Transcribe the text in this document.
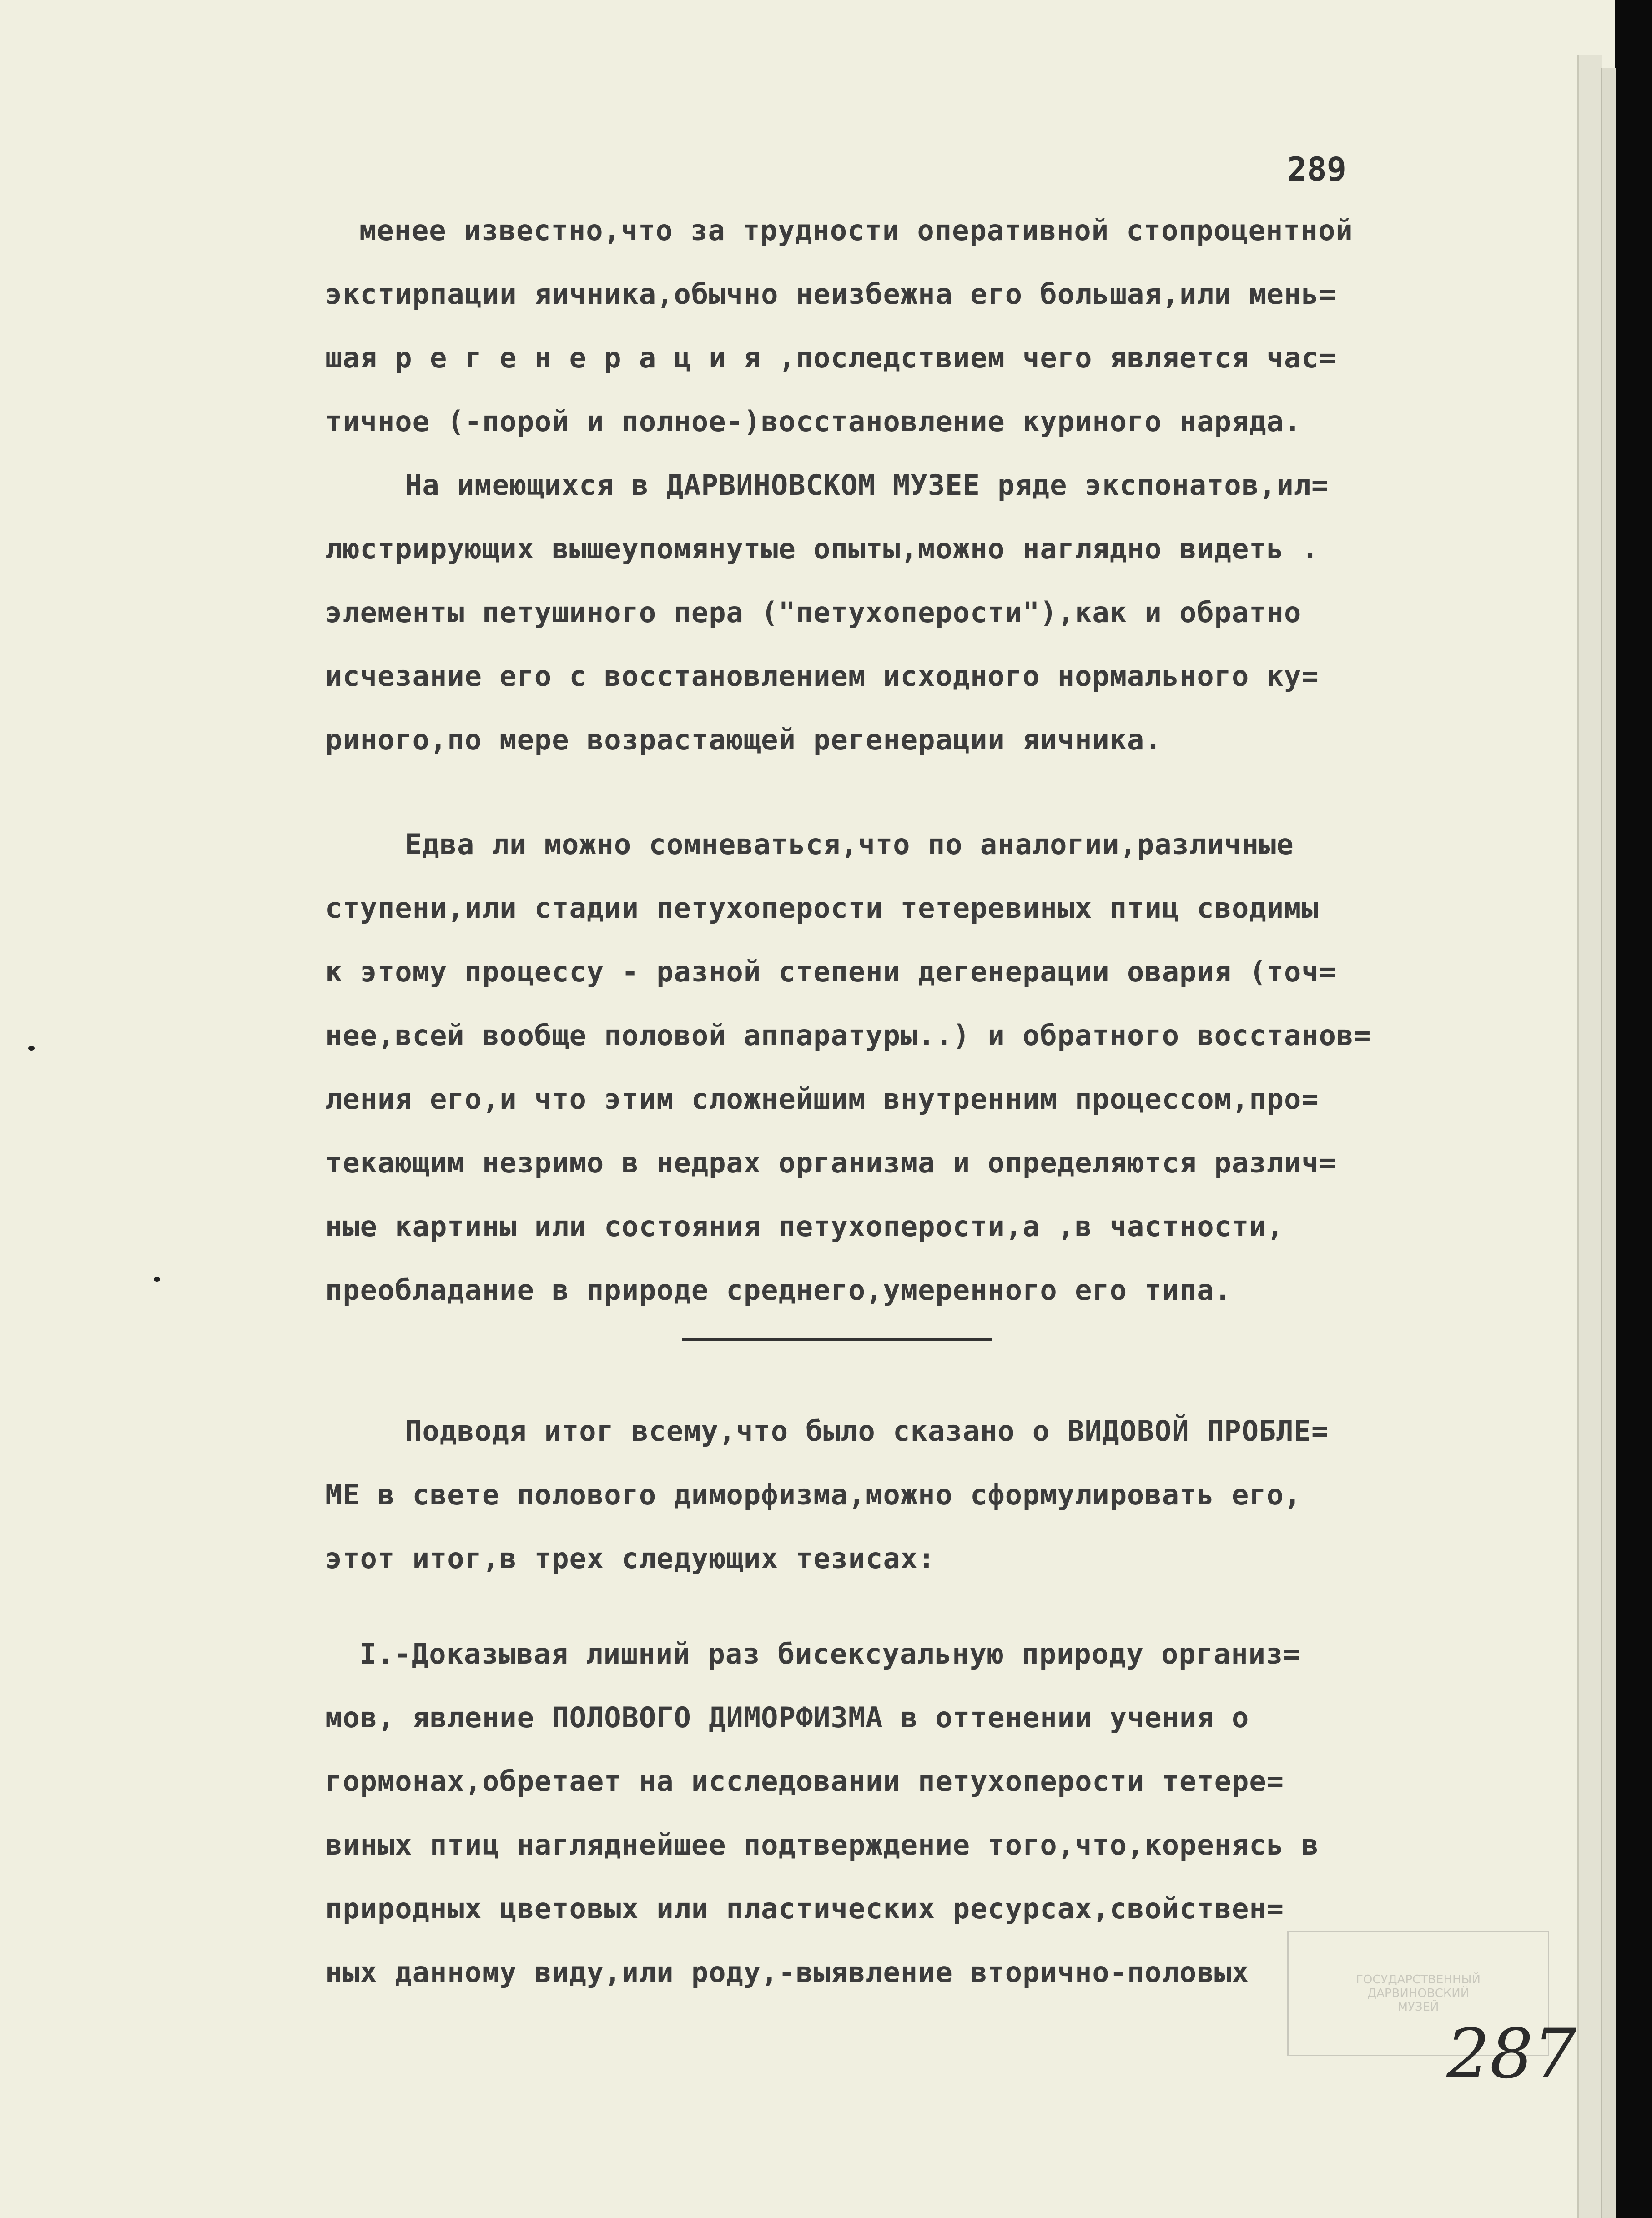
289
менее известно,что за трудности оперативной стопроцентной
экстирпации яичника,обычно неизбежна его большая,или мень=
шая р е г е н е р а ц и я ,последствием чего является час=
тичное (-порой и полное-)восстановление куриного наряда.
На имеющихся в ДАРВИНОВСКОМ МУЗЕЕ ряде экспонатов,ил=
люстрирующих вышеупомянутые опыты,можно наглядно видеть .
элементы петушиного пера ("петухоперости"),как и обратно
исчезание его с восстановлением исходного нормального ку=
риного,по мере возрастающей регенерации яичника.
Едва ли можно сомневаться,что по аналогии,различные
ступени,или стадии петухоперости тетеревиных птиц сводимы
к этому процессу - разной степени дегенерации овария (точ=
нее,всей вообще половой аппаратуры..) и обратного восстанов=
ления его,и что этим сложнейшим внутренним процессом,про=
текающим незримо в недрах организма и определяются различ=
ные картины или состояния петухоперости,а ,в частности,
преобладание в природе среднего,умеренного его типа.
Подводя итог всему,что было сказано о ВИДОВОЙ ПРОБЛЕ=
МЕ в свете полового диморфизма,можно сформулировать его,
этот итог,в трех следующих тезисах:
I.-Доказывая лишний раз бисексуальную природу организ=
мов, явление ПОЛОВОГО ДИМОРФИЗМА в оттенении учения о
гормонах,обретает на исследовании петухоперости тетере=
виных птиц нагляднейшее подтверждение того,что,коренясь в
природных цветовых или пластических ресурсах,свойствен=
ных данному виду,или роду,-выявление вторично-половых	ГОСУДАРСТВЕННЫЙ
ДАРВИНОВСКИЙ
МУЗЕЙ
287
